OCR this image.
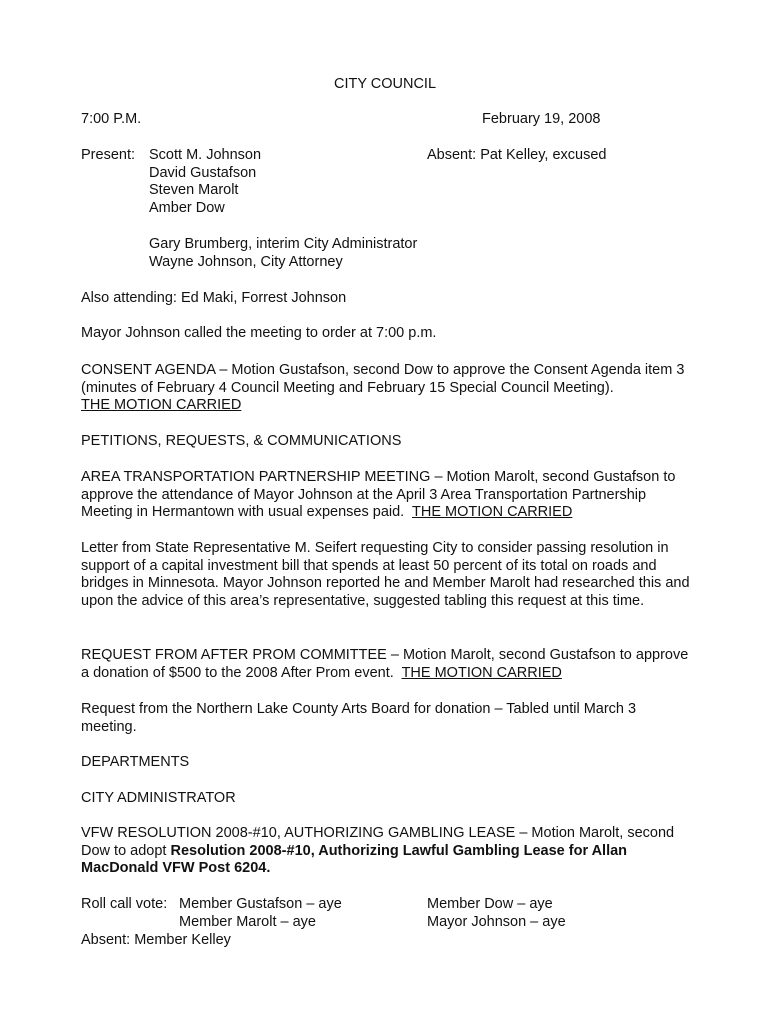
CITY COUNCIL
7:00 P.M.	February 19, 2008
Present: Scott M. Johnson
David Gustafson
Steven Marolt
Amber Dow
Absent: Pat Kelley, excused
Gary Brumberg, interim City Administrator
Wayne Johnson, City Attorney
Also attending: Ed Maki, Forrest Johnson
Mayor Johnson called the meeting to order at 7:00 p.m.
CONSENT AGENDA – Motion Gustafson, second Dow to approve the Consent Agenda item 3 (minutes of February 4 Council Meeting and February 15 Special Council Meeting).
THE MOTION CARRIED
PETITIONS, REQUESTS, & COMMUNICATIONS
AREA TRANSPORTATION PARTNERSHIP MEETING – Motion Marolt, second Gustafson to approve the attendance of Mayor Johnson at the April 3 Area Transportation Partnership Meeting in Hermantown with usual expenses paid. THE MOTION CARRIED
Letter from State Representative M. Seifert requesting City to consider passing resolution in support of a capital investment bill that spends at least 50 percent of its total on roads and bridges in Minnesota. Mayor Johnson reported he and Member Marolt had researched this and upon the advice of this area’s representative, suggested tabling this request at this time.
REQUEST FROM AFTER PROM COMMITTEE – Motion Marolt, second Gustafson to approve a donation of $500 to the 2008 After Prom event. THE MOTION CARRIED
Request from the Northern Lake County Arts Board for donation – Tabled until March 3 meeting.
DEPARTMENTS
CITY ADMINISTRATOR
VFW RESOLUTION 2008-#10, AUTHORIZING GAMBLING LEASE – Motion Marolt, second Dow to adopt Resolution 2008-#10, Authorizing Lawful Gambling Lease for Allan MacDonald VFW Post 6204.
Roll call vote: Member Gustafson – aye
Member Marolt – aye
Member Dow – aye
Mayor Johnson – aye
Absent: Member Kelley
